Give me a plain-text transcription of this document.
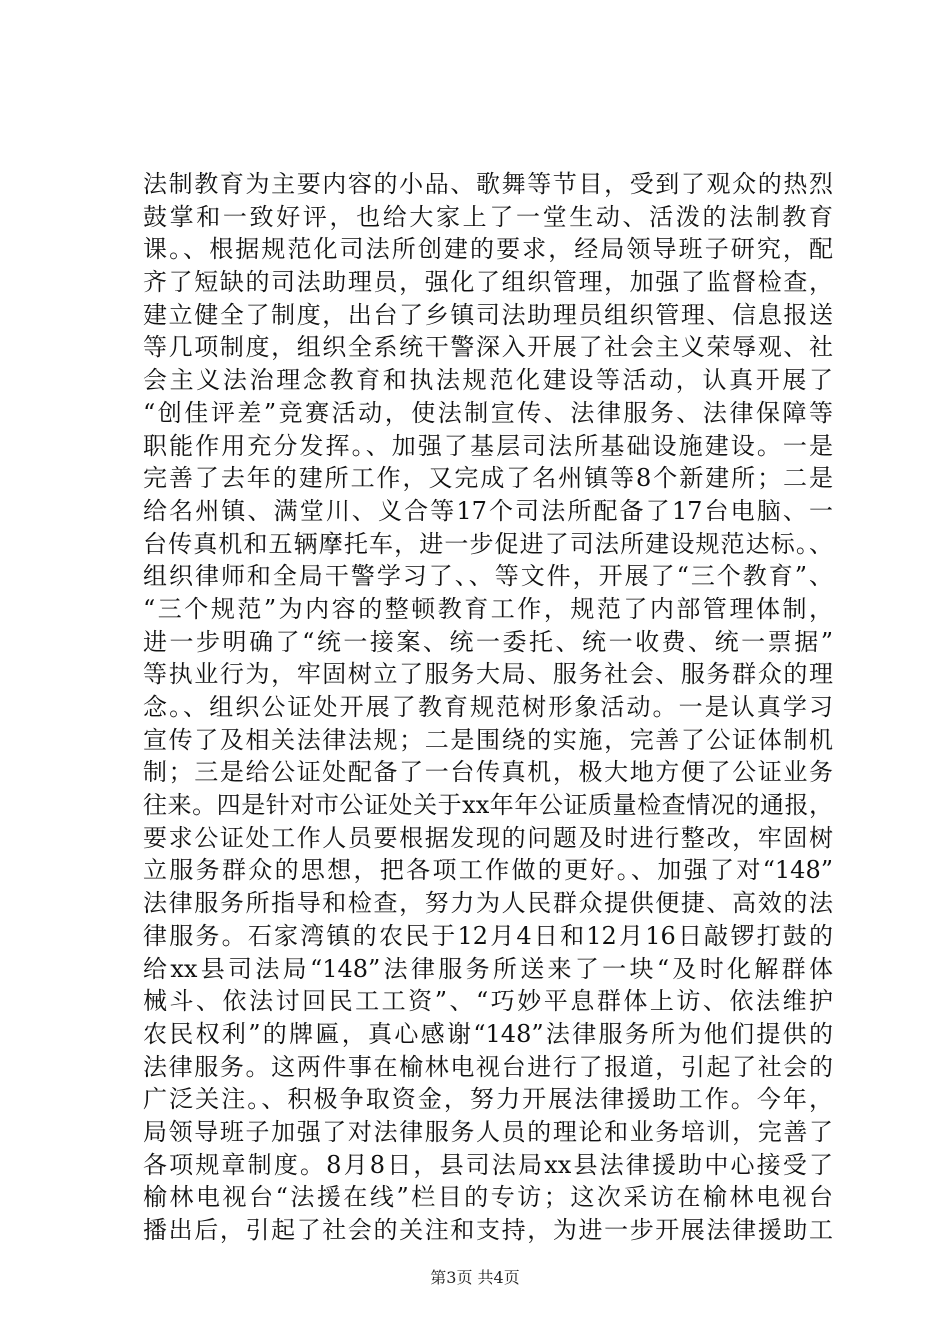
法制教育为主要内容的小品、歌舞等节目，受到了观众的热烈
鼓掌和一致好评，也给大家上了一堂生动、活泼的法制教育
课。、根据规范化司法所创建的要求，经局领导班子研究，配
齐了短缺的司法助理员，强化了组织管理，加强了监督检查，
建立健全了制度，出台了乡镇司法助理员组织管理、信息报送
等几项制度，组织全系统干警深入开展了社会主义荣辱观、社
会主义法治理念教育和执法规范化建设等活动，认真开展了
“创佳评差”竞赛活动，使法制宣传、法律服务、法律保障等
职能作用充分发挥。、加强了基层司法所基础设施建设。一是
完善了去年的建所工作，又完成了名州镇等8个新建所；二是
给名州镇、满堂川、义合等17个司法所配备了17台电脑、一
台传真机和五辆摩托车，进一步促进了司法所建设规范达标。、
组织律师和全局干警学习了、、等文件，开展了“三个教育”、
“三个规范”为内容的整顿教育工作，规范了内部管理体制，
进一步明确了“统一接案、统一委托、统一收费、统一票据”
等执业行为，牢固树立了服务大局、服务社会、服务群众的理
念。、组织公证处开展了教育规范树形象活动。一是认真学习
宣传了及相关法律法规；二是围绕的实施，完善了公证体制机
制；三是给公证处配备了一台传真机，极大地方便了公证业务
往来。四是针对市公证处关于xx年年公证质量检查情况的通报，
要求公证处工作人员要根据发现的问题及时进行整改，牢固树
立服务群众的思想，把各项工作做的更好。、加强了对“148”
法律服务所指导和检查，努力为人民群众提供便捷、高效的法
律服务。石家湾镇的农民于12月4日和12月16日敲锣打鼓的
给xx县司法局“148”法律服务所送来了一块“及时化解群体
械斗、依法讨回民工工资”、“巧妙平息群体上访、依法维护
农民权利”的牌匾，真心感谢“148”法律服务所为他们提供的
法律服务。这两件事在榆林电视台进行了报道，引起了社会的
广泛关注。、积极争取资金，努力开展法律援助工作。今年，
局领导班子加强了对法律服务人员的理论和业务培训，完善了
各项规章制度。8月8日，县司法局xx县法律援助中心接受了
榆林电视台“法援在线”栏目的专访；这次采访在榆林电视台
播出后，引起了社会的关注和支持，为进一步开展法律援助工
第3页 共4页
